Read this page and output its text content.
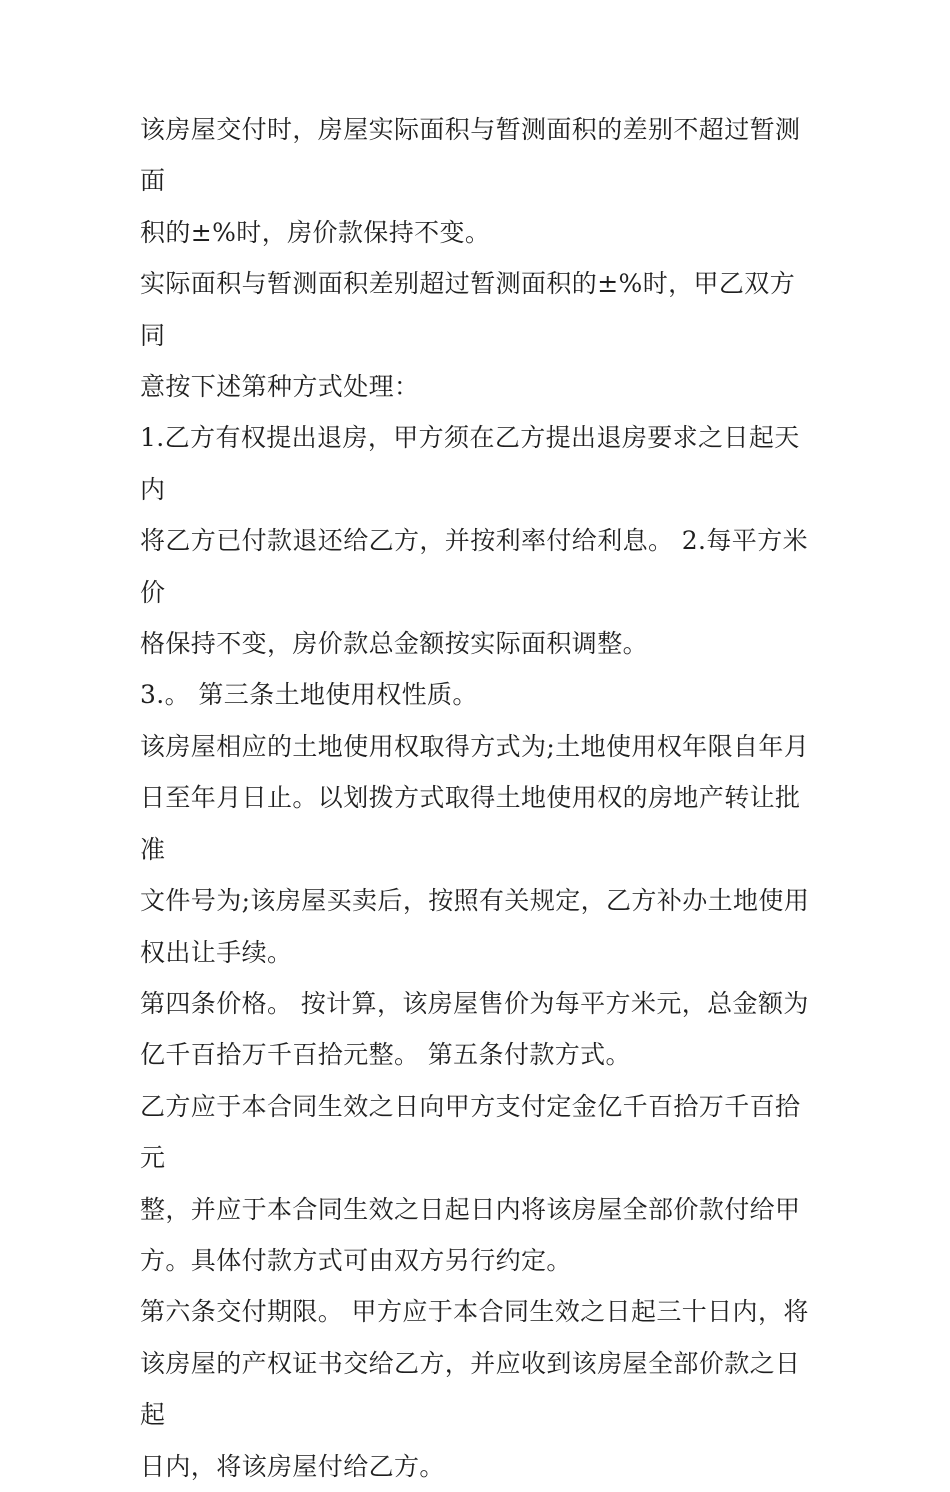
该房屋交付时，房屋实际面积与暂测面积的差别不超过暂测面

积的±%时，房价款保持不变。

实际面积与暂测面积差别超过暂测面积的±%时，甲乙双方同

意按下述第种方式处理：

1.乙方有权提出退房，甲方须在乙方提出退房要求之日起天内

将乙方已付款退还给乙方，并按利率付给利息。 2.每平方米价

格保持不变，房价款总金额按实际面积调整。

3.。 第三条土地使用权性质。

该房屋相应的土地使用权取得方式为;土地使用权年限自年月

日至年月日止。以划拨方式取得土地使用权的房地产转让批准

文件号为;该房屋买卖后，按照有关规定，乙方补办土地使用

权出让手续。

第四条价格。 按计算，该房屋售价为每平方米元，总金额为

亿千百拾万千百拾元整。 第五条付款方式。

乙方应于本合同生效之日向甲方支付定金亿千百拾万千百拾元

整，并应于本合同生效之日起日内将该房屋全部价款付给甲

方。具体付款方式可由双方另行约定。

第六条交付期限。 甲方应于本合同生效之日起三十日内，将

该房屋的产权证书交给乙方，并应收到该房屋全部价款之日起

日内，将该房屋付给乙方。
